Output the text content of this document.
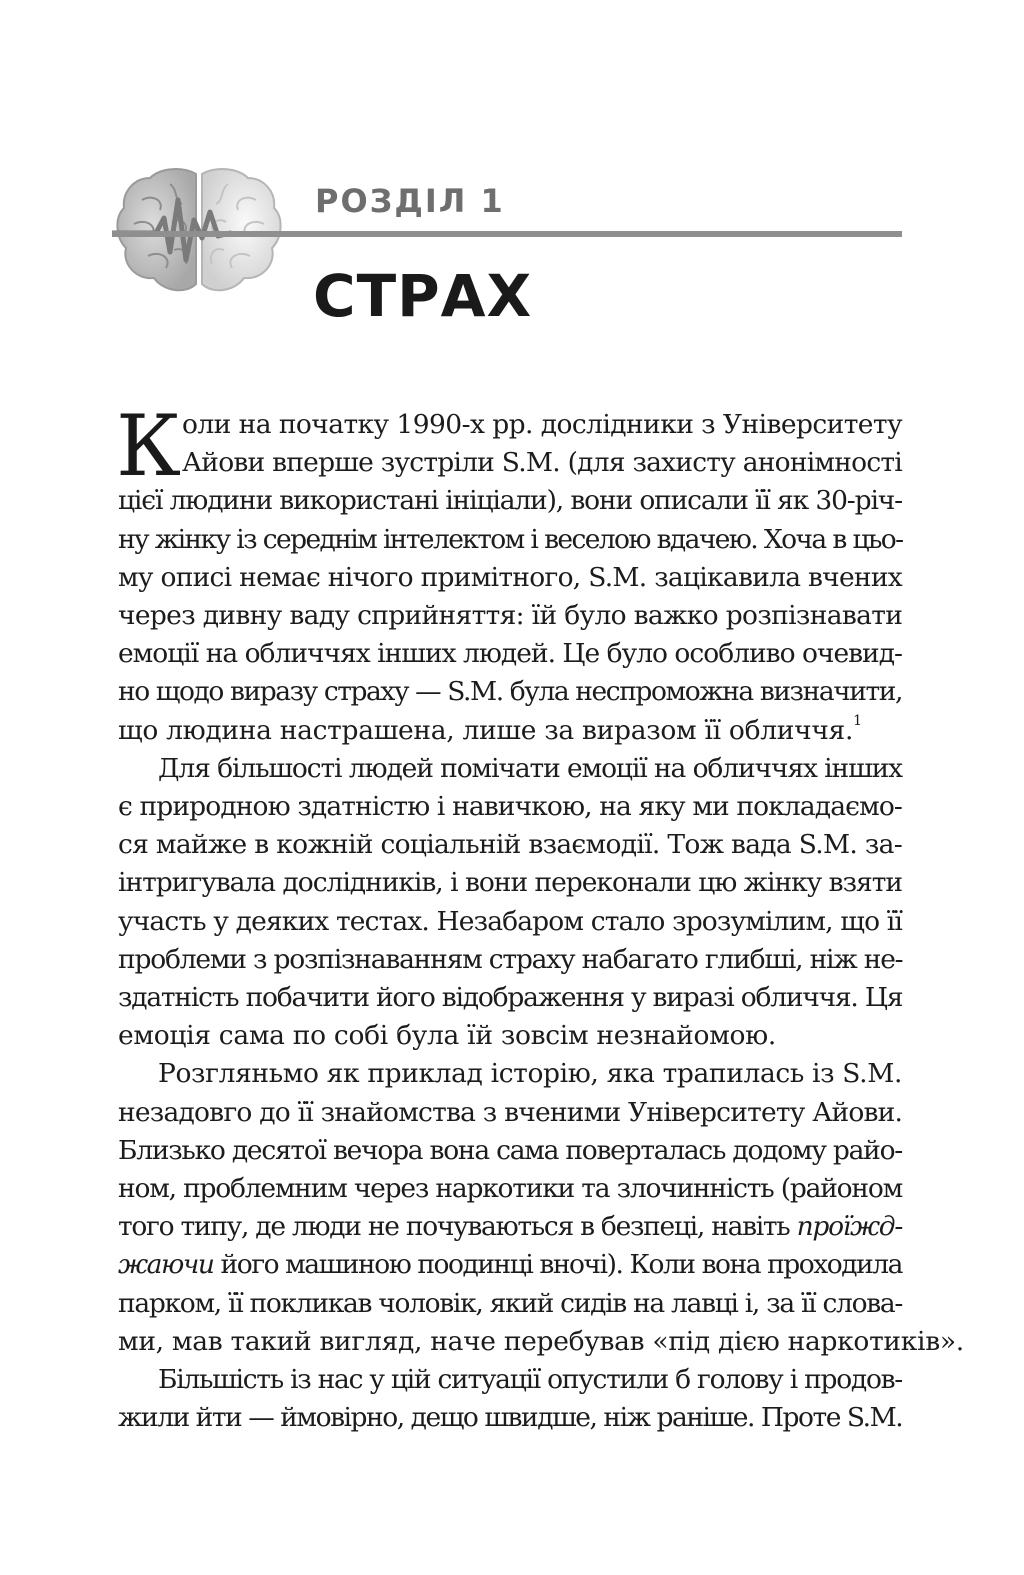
РОЗДІЛ 1
СТРАХ
К оли на початку 1990-х рр. дослідники з Університету
Айови вперше зустріли S.M. (для захисту анонімності
цієї людини використані ініціали), вони описали її як 30-річ-
ну жінку із середнім інтелектом і веселою вдачею. Хоча в цьо-
му описі немає нічого примітного, S.M. зацікавила вчених
через дивну ваду сприйняття: їй було важко розпізнавати
емоції на обличчях інших людей. Це було особливо очевид-
но щодо виразу страху — S.M. була неспроможна визначити,
що людина настрашена, лише за виразом її обличчя.$^1$
Для більшості людей помічати емоції на обличчях інших
є природною здатністю і навичкою, на яку ми покладаємо-
ся майже в кожній соціальній взаємодії. Тож вада S.M. за-
інтригувала дослідників, і вони переконали цю жінку взяти
участь у деяких тестах. Незабаром стало зрозумілим, що її
проблеми з розпізнаванням страху набагато глибші, ніж не-
здатність побачити його відображення у виразі обличчя. Ця
емоція сама по собі була їй зовсім незнайомою.
Розгляньмо як приклад історію, яка трапилась із S.M.
незадовго до її знайомства з вченими Університету Айови.
Близько десятої вечора вона сама поверталась додому райо-
ном, проблемним через наркотики та злочинність (районом
того типу, де люди не почуваються в безпеці, навіть проїжд-
жаючи його машиною поодинці вночі). Коли вона проходила
парком, її покликав чоловік, який сидів на лавці і, за її слова-
ми, мав такий вигляд, наче перебував «під дією наркотиків».
Більшість із нас у цій ситуації опустили б голову і продов-
жили йти — ймовірно, дещо швидше, ніж раніше. Проте S.M.
